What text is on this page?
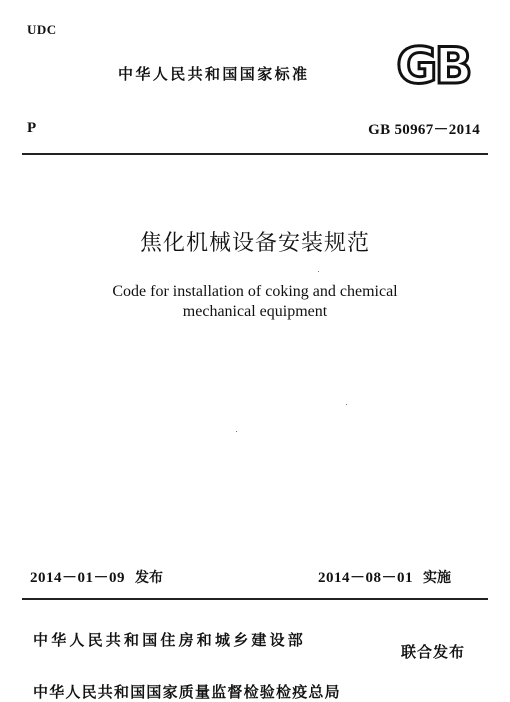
UDC
中华人民共和国国家标准 GB
P	GB 50967－2014
焦化机械设备安装规范
Code for installation of coking and chemical
mechanical equipment
2014－01－09 发布	2014－08－01 实施
中华人民共和国住房和城乡建设部
中华人民共和国国家质量监督检验检疫总局
联合发布
